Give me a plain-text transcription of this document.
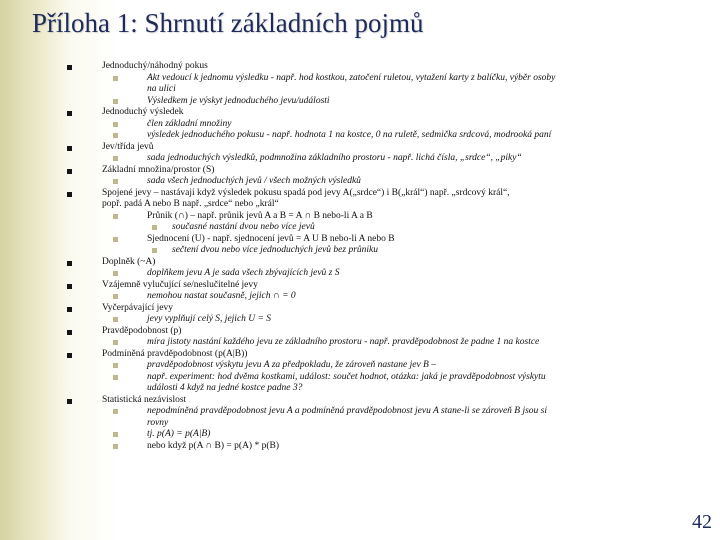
Příloha 1: Shrnutí základních pojmů
Jednoduchý/náhodný pokus
Akt vedoucí k jednomu výsledku - např. hod kostkou, zatočení ruletou, vytažení karty z balíčku, výběr osoby
na ulici
Výsledkem je výskyt jednoduchého jevu/události
Jednoduchý výsledek
člen základní množiny
výsledek jednoduchého pokusu - např. hodnota 1 na kostce, 0 na ruletě, sedmička srdcová, modrooká paní
Jev/třída jevů
sada jednoduchých výsledků, podmnožina základního prostoru - např. lichá čísla, „srdce“, „piky“
Základní množina/prostor (S)
sada všech jednoduchých jevů / všech možných výsledků
Spojené jevy – nastávají když výsledek pokusu spadá pod jevy A(„srdce“) i B(„král“) např. „srdcový král“,
popř. padá A nebo B např. „srdce“ nebo „král“
Průnik (∩) – např. průnik jevů A a B = A ∩ B nebo-li A a B
současné nastání dvou nebo více jevů
Sjednocení (U) - např. sjednocení jevů = A U B nebo-li A nebo B
sečtení dvou nebo více jednoduchých jevů bez průniku
Doplněk (~A)
doplňkem jevu A je sada všech zbývajících jevů z S
Vzájemně vylučující se/neslučitelné jevy
nemohou nastat současně, jejich ∩ = 0
Vyčerpávající jevy
jevy vyplňují celý S, jejich U = S
Pravděpodobnost (p)
míra jistoty nastání každého jevu ze základního prostoru - např. pravděpodobnost že padne 1 na kostce
Podmíněná pravděpodobnost (p(A|B))
pravděpodobnost výskytu jevu A za předpokladu, že zároveň nastane jev B –
např. experiment: hod dvěma kostkami, událost: součet hodnot, otázka: jaká je pravděpodobnost výskytu
události 4 když na jedné kostce padne 3?
Statistická nezávislost
nepodmíněná pravděpodobnost jevu A a podmíněná pravděpodobnost jevu A stane-li se zároveň B jsou si
rovny
tj. p(A) = p(A|B)
nebo když p(A ∩ B) = p(A) * p(B)
42
